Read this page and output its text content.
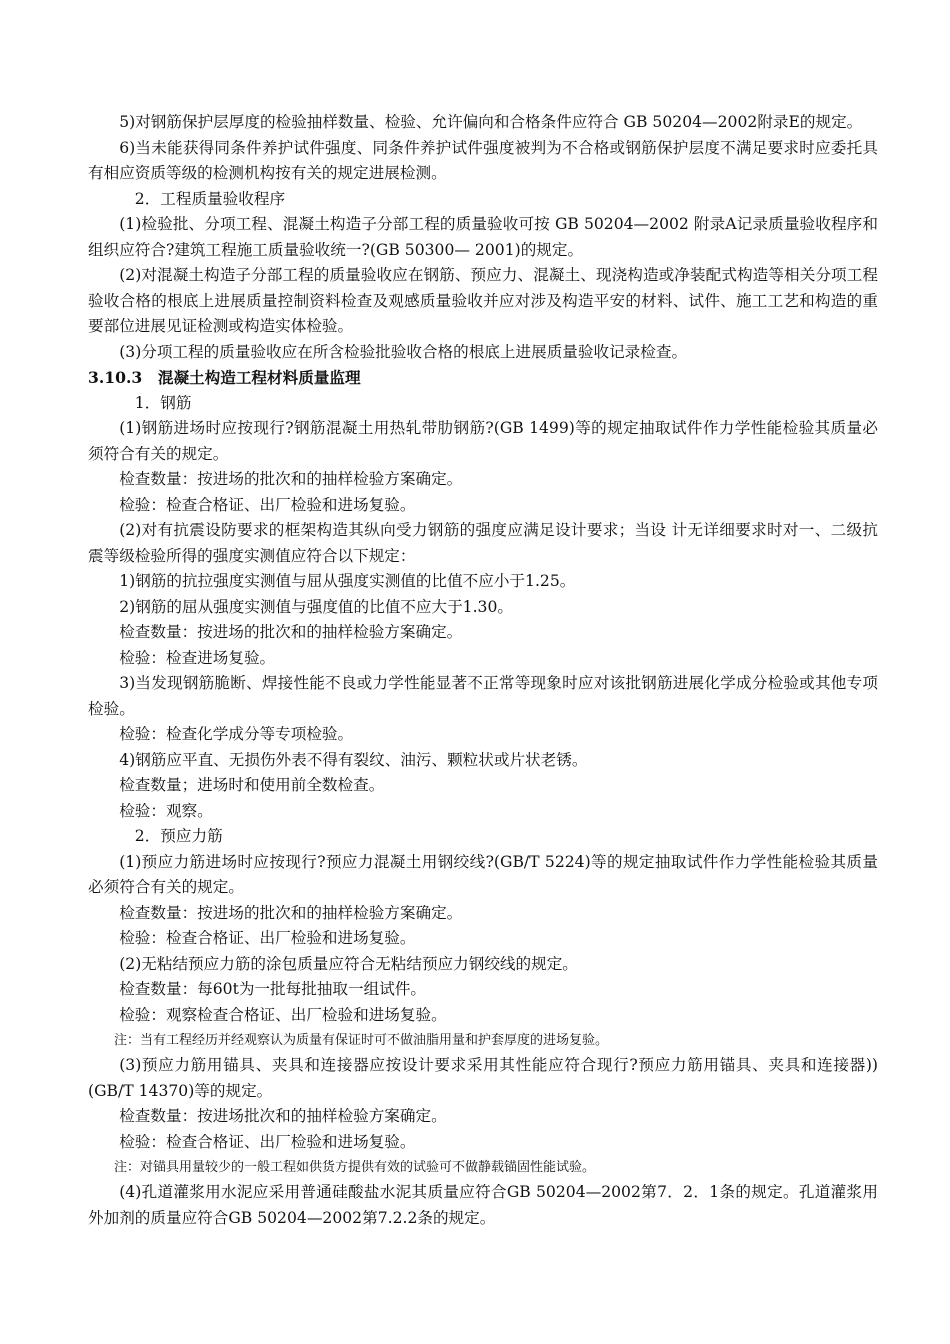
5)对钢筋保护层厚度的检验抽样数量、检验、允许偏向和合格条件应符合 GB 50204—2002附录E的规定。

6)当未能获得同条件养护试件强度、同条件养护试件强度被判为不合格或钢筋保护层度不满足要求时应委托具有相应资质等级的检测机构按有关的规定进展检测。

2．工程质量验收程序

(1)检验批、分项工程、混凝土构造子分部工程的质量验收可按 GB 50204—2002 附录A记录质量验收程序和组织应符合?建筑工程施工质量验收统一?(GB 50300— 2001)的规定。

(2)对混凝土构造子分部工程的质量验收应在钢筋、预应力、混凝土、现浇构造或净装配式构造等相关分项工程验收合格的根底上进展质量控制资料检查及观感质量验收并应对涉及构造平安的材料、试件、施工工艺和构造的重要部位进展见证检测或构造实体检验。

(3)分项工程的质量验收应在所含检验批验收合格的根底上进展质量验收记录检查。

3.10.3　混凝土构造工程材料质量监理

1．钢筋

(1)钢筋进场时应按现行?钢筋混凝土用热轧带肋钢筋?(GB 1499)等的规定抽取试件作力学性能检验其质量必须符合有关的规定。

检查数量：按进场的批次和的抽样检验方案确定。

检验：检查合格证、出厂检验和进场复验。

(2)对有抗震设防要求的框架构造其纵向受力钢筋的强度应满足设计要求；当设 计无详细要求时对一、二级抗震等级检验所得的强度实测值应符合以下规定：

1)钢筋的抗拉强度实测值与屈从强度实测值的比值不应小于1.25。

2)钢筋的屈从强度实测值与强度值的比值不应大于1.30。

检查数量：按进场的批次和的抽样检验方案确定。

检验：检查进场复验。

3)当发现钢筋脆断、焊接性能不良或力学性能显著不正常等现象时应对该批钢筋进展化学成分检验或其他专项检验。

检验：检查化学成分等专项检验。

4)钢筋应平直、无损伤外表不得有裂纹、油污、颗粒状或片状老锈。

检查数量；进场时和使用前全数检查。

检验：观察。

2．预应力筋

(1)预应力筋进场时应按现行?预应力混凝土用钢绞线?(GB/T 5224)等的规定抽取试件作力学性能检验其质量必须符合有关的规定。

检查数量：按进场的批次和的抽样检验方案确定。

检验：检查合格证、出厂检验和进场复验。

(2)无粘结预应力筋的涂包质量应符合无粘结预应力钢绞线的规定。

检查数量：每60t为一批每批抽取一组试件。

检验：观察检查合格证、出厂检验和进场复验。

注：当有工程经历并经观察认为质量有保证时可不做油脂用量和护套厚度的进场复验。

(3)预应力筋用锚具、夹具和连接器应按设计要求采用其性能应符合现行?预应力筋用锚具、夹具和连接器))(GB/T 14370)等的规定。

检查数量：按进场批次和的抽样检验方案确定。

检验：检查合格证、出厂检验和进场复验。

注：对锚具用量较少的一般工程如供货方提供有效的试验可不做静载锚固性能试验。

(4)孔道灌浆用水泥应采用普通硅酸盐水泥其质量应符合GB 50204—2002第7．2．1条的规定。孔道灌浆用外加剂的质量应符合GB 50204—2002第7.2.2条的规定。
